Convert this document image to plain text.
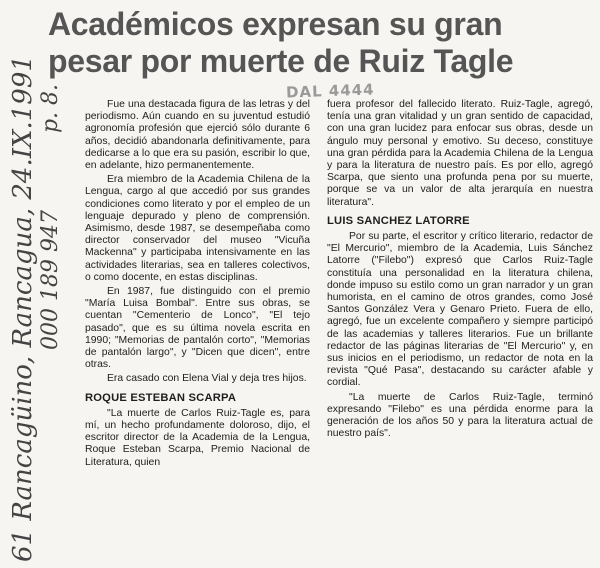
Académicos expresan su gran
pesar por muerte de Ruiz Tagle
DAL 4444
61 Rancagüino, Rancagua, 24.IX.1991 000 189 947 p. 8.	Fue una destacada figura de las letras y del periodismo. Aún cuando en su juventud estudió agronomía profesión que ejerció sólo durante 6 años, decidió abandonarla definitivamente, para dedicarse a lo que era su pasión, escribir lo que, en adelante, hizo permanentemente.

Era miembro de la Academia Chilena de la Lengua, cargo al que accedió por sus grandes condiciones como literato y por el empleo de un lenguaje depurado y pleno de comprensión. Asimismo, desde 1987, se desempeñaba como director conservador del museo "Vicuña Mackenna" y participaba intensivamente en las actividades literarias, sea en talleres colectivos, o como docente, en estas disciplinas.

En 1987, fue distinguido con el premio "María Luisa Bombal". Entre sus obras, se cuentan "Cementerio de Lonco", "El tejo pasado", que es su última novela escrita en 1990; "Memorias de pantalón corto", "Memorias de pantalón largo", y "Dicen que dicen", entre otras.

Era casado con Elena Vial y deja tres hijos.

ROQUE ESTEBAN SCARPA

"La muerte de Carlos Ruiz-Tagle es, para mí, un hecho profundamente doloroso, dijo, el escritor director de la Academia de la Lengua, Roque Esteban Scarpa, Premio Nacional de Literatura, quien

fuera profesor del fallecido literato. Ruiz-Tagle, agregó, tenía una gran vitalidad y un gran sentido de capacidad, con una gran lucidez para enfocar sus obras, desde un ángulo muy personal y emotivo. Su deceso, constituye una gran pérdida para la Academia Chilena de la Lengua y para la literatura de nuestro país. Es por ello, agregó Scarpa, que siento una profunda pena por su muerte, porque se va un valor de alta jerarquía en nuestra literatura".

LUIS SANCHEZ LATORRE

Por su parte, el escritor y crítico literario, redactor de "El Mercurio", miembro de la Academia, Luis Sánchez Latorre ("Filebo") expresó que Carlos Ruiz-Tagle constituía una personalidad en la literatura chilena, donde impuso su estilo como un gran narrador y un gran humorista, en el camino de otros grandes, como José Santos González Vera y Genaro Prieto. Fuera de ello, agregó, fue un excelente compañero y siempre participó de las academias y talleres literarios. Fue un brillante redactor de las páginas literarias de "El Mercurio" y, en sus inicios en el periodismo, un redactor de nota en la revista "Qué Pasa", destacando su carácter afable y cordial.

"La muerte de Carlos Ruiz-Tagle, terminó expresando "Filebo" es una pérdida enorme para la generación de los años 50 y para la literatura actual de nuestro país".
